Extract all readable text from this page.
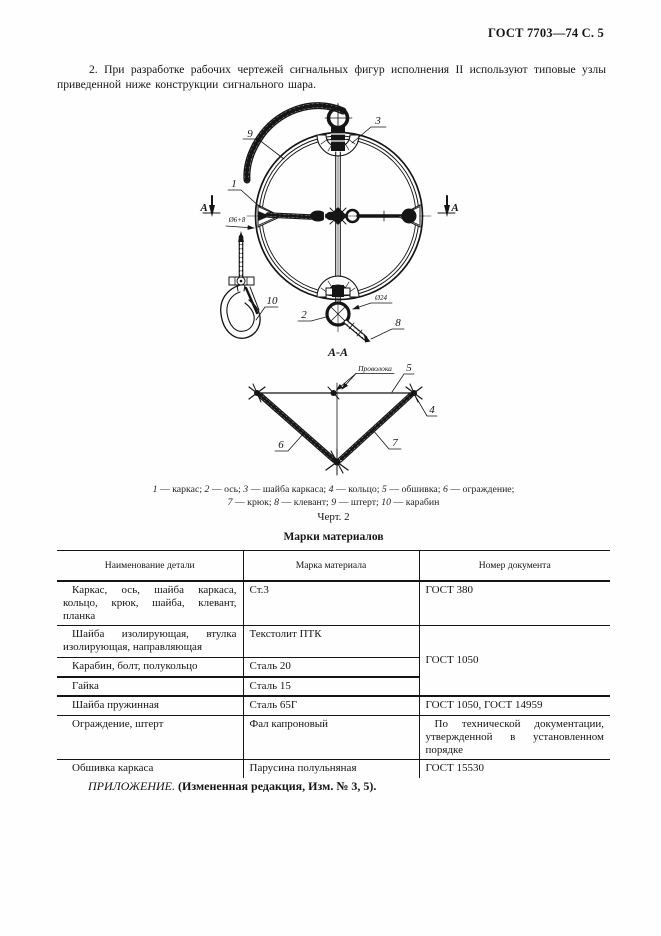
ГОСТ 7703—74 С. 5

2. При разработке рабочих чертежей сигнальных фигур исполнения II используют типовые узлы приведенной ниже конструкции сигнального шара.

9
3
1
10
2
8
Ø6+8
Ø24
A	A
А-А
Проволока 5
4
6	7
1 — каркас; 2 — ось; 3 — шайба каркаса; 4 — кольцо; 5 — обшивка; 6 — ограждение;
7 — крюк; 8 — клевант; 9 — штерт; 10 — карабин
Черт. 2
Марки материалов
Наименование детали	Марка материала	Номер документа
Каркас, ось, шайба каркаса, кольцо, крюк, шайба, клевант, планка	Ст.3	ГОСТ 380
Шайба изолирующая, втулка изолирующая, направляющая	Текстолит ПТК	ГОСТ 1050
Карабин, болт, полукольцо	Сталь 20	
Гайка	Сталь 15	
Шайба пружинная	Сталь 65Г	ГОСТ 1050, ГОСТ 14959
Ограждение, штерт	Фал капроновый	По технической документации, утвержденной в установленном порядке
Обшивка каркаса	Парусина полульняная	ГОСТ 15530
ПРИЛОЖЕНИЕ. (Измененная редакция, Изм. № 3, 5).
